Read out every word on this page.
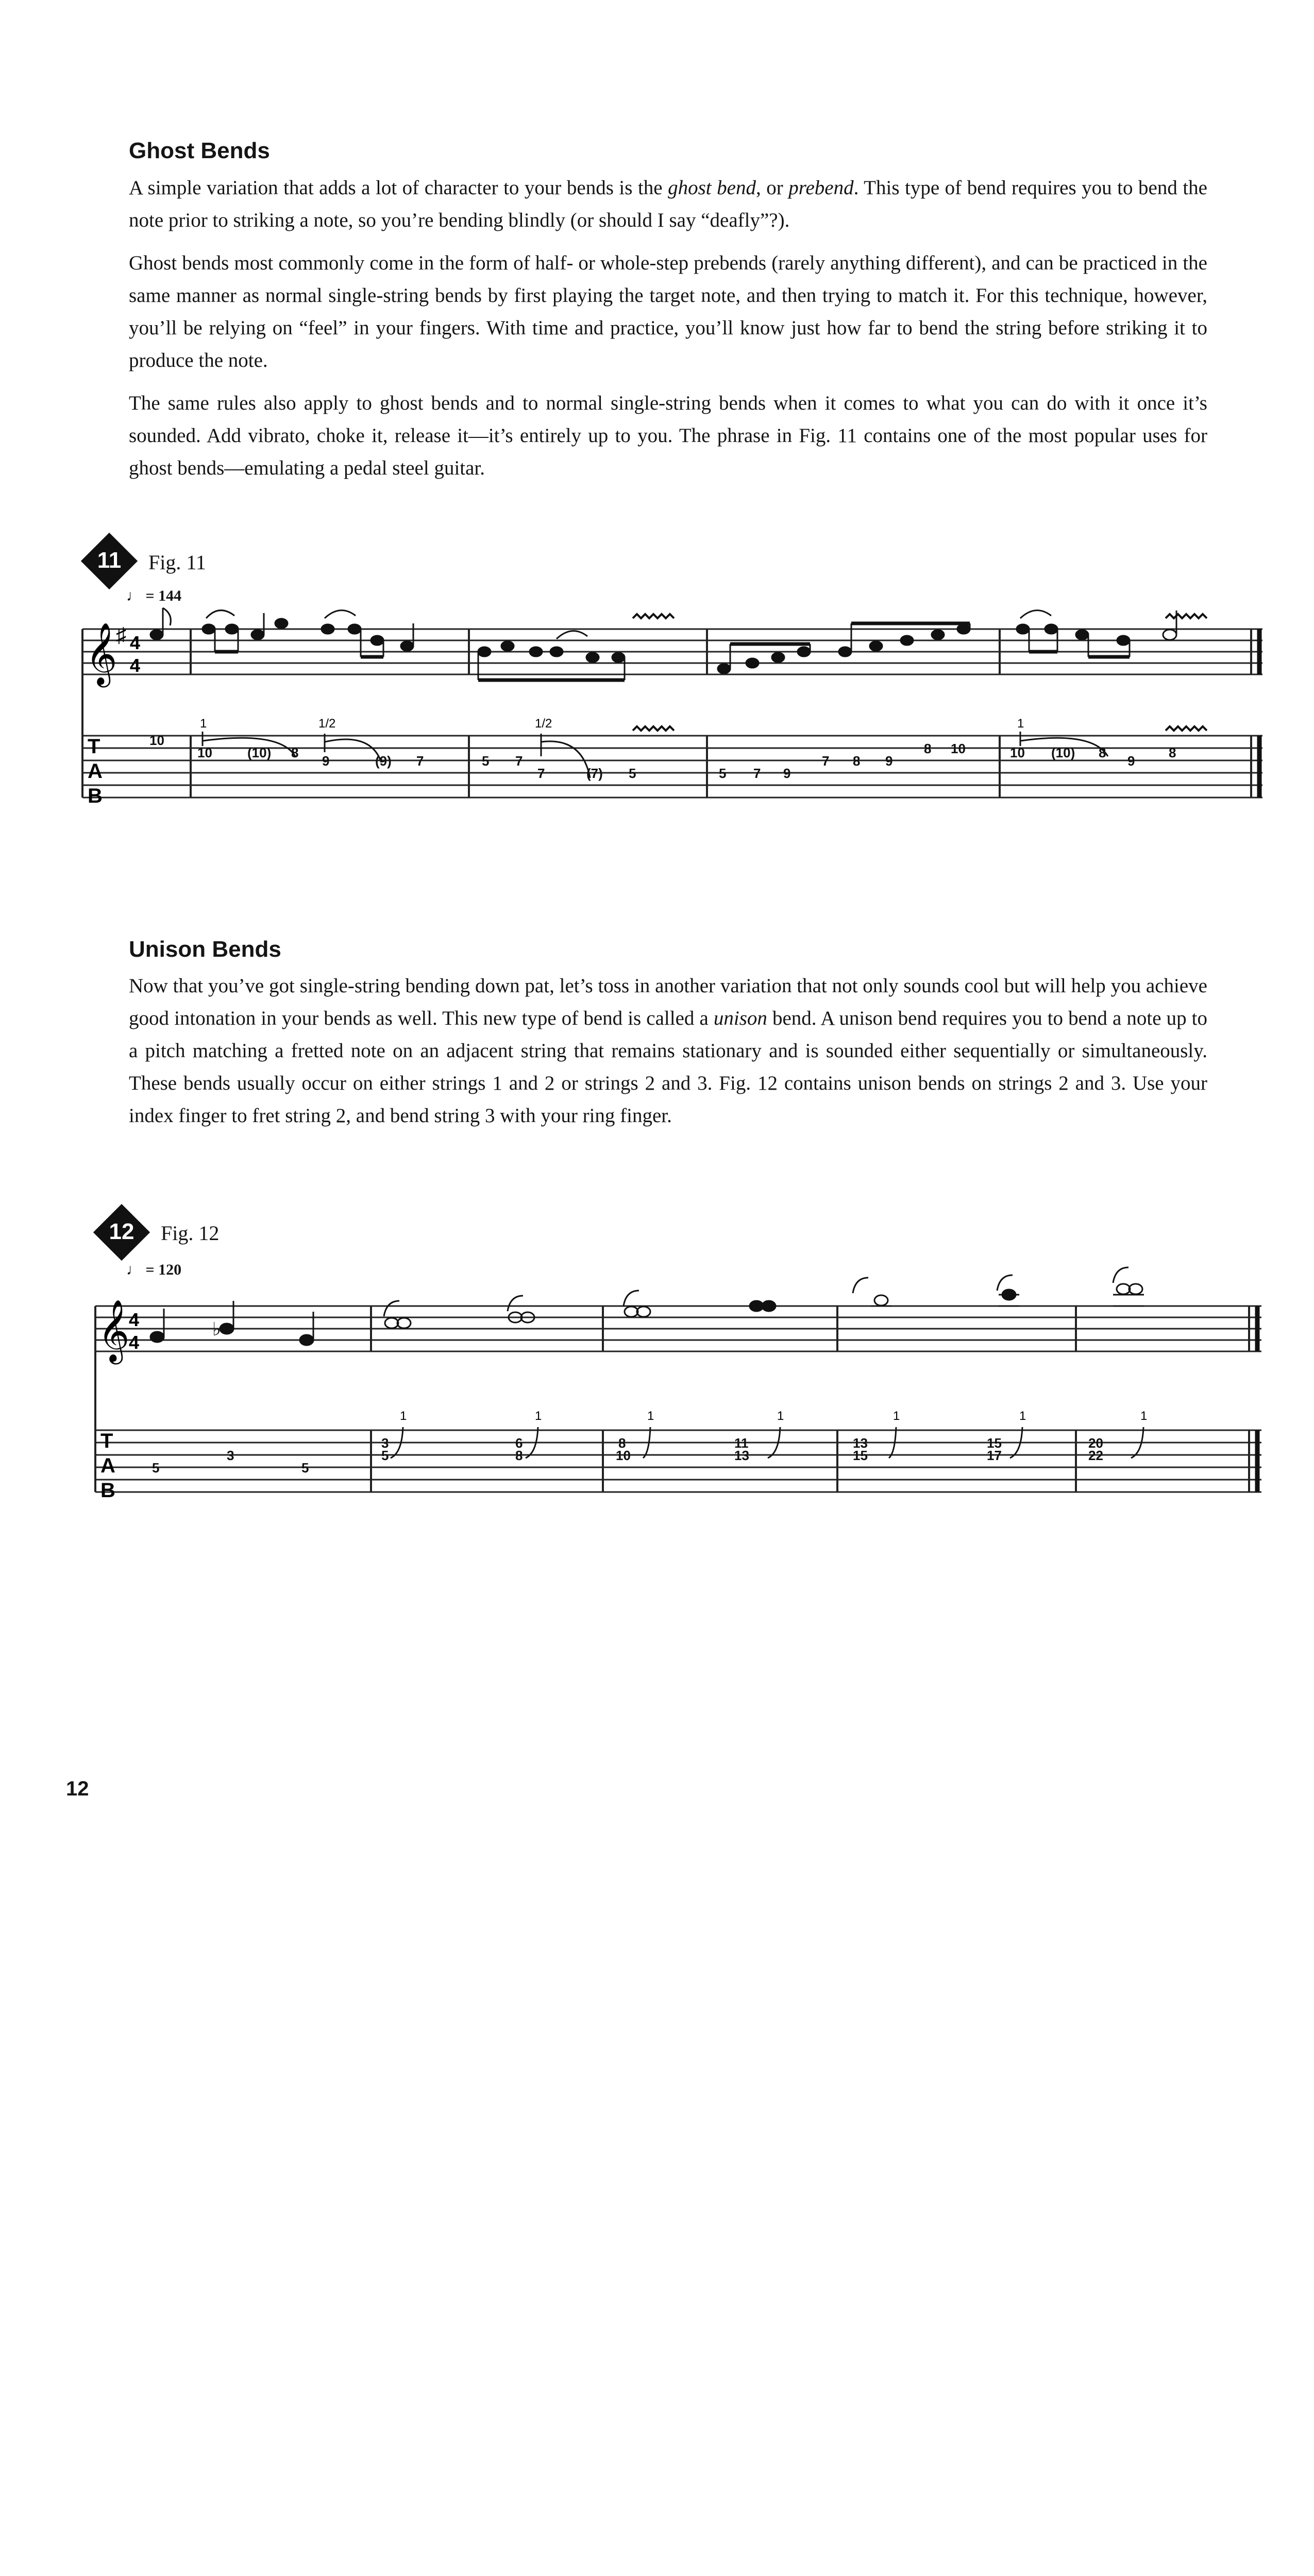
Ghost Bends

A simple variation that adds a lot of character to your bends is the ghost bend, or prebend. This type of bend requires you to bend the note prior to striking a note, so you’re bending blindly (or should I say “deafly”?).

Ghost bends most commonly come in the form of half- or whole-step prebends (rarely anything different), and can be practiced in the same manner as normal single-string bends by first playing the target note, and then trying to match it. For this technique, however, you’ll be relying on “feel” in your fingers. With time and practice, you’ll know just how far to bend the string before striking it to produce the note.

The same rules also apply to ghost bends and to normal single-string bends when it comes to what you can do with it once it’s sounded. Add vibrato, choke it, release it—it’s entirely up to you. The phrase in Fig. 11 contains one of the most popular uses for ghost bends—emulating a pedal steel guitar.

11	Fig. 11
♩ = 144
𝄞
♯ 4
4
T
A
B
1	1/2	1/2	1
10
10	(10) 8
9	(9) 7	5 7
7	(7) 5	5 7 9
7 8 9
8 10	10 (10) 8
9
8
Unison Bends

Now that you’ve got single-string bending down pat, let’s toss in another variation that not only sounds cool but will help you achieve good intonation in your bends as well. This new type of bend is called a unison bend. A unison bend requires you to bend a note up to a pitch matching a fretted note on an adjacent string that remains stationary and is sounded either sequentially or simultaneously. These bends usually occur on either strings 1 and 2 or strings 2 and 3. Fig. 12 contains unison bends on strings 2 and 3. Use your index finger to fret string 2, and bend string 3 with your ring finger.

12	Fig. 12
♩ = 120
𝄞
4
4
T
A
B
♭
1	1	1	1	1	1	1
5
3
5
3
5
6
8
8
10
11
13
13
15
15
17
20
22
12
